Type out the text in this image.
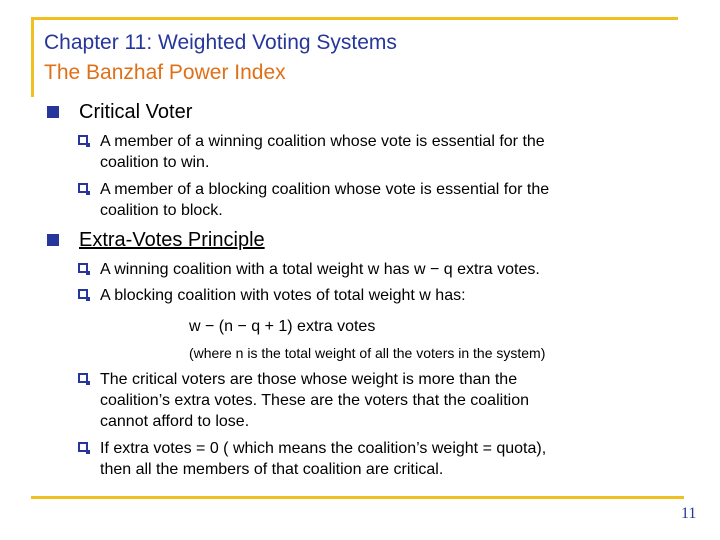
Chapter 11: Weighted Voting Systems
The Banzhaf Power Index
Critical Voter
A member of a winning coalition whose vote is essential for the
coalition to win.
A member of a blocking coalition whose vote is essential for the
coalition to block.
Extra-Votes Principle
A winning coalition with a total weight w has w − q extra votes.
A blocking coalition with votes of total weight w has:
w − (n − q + 1) extra votes
(where n is the total weight of all the voters in the system)
The critical voters are those whose weight is more than the
coalition’s extra votes. These are the voters that the coalition
cannot afford to lose.
If extra votes = 0 ( which means the coalition’s weight = quota),
then all the members of that coalition are critical.
11
